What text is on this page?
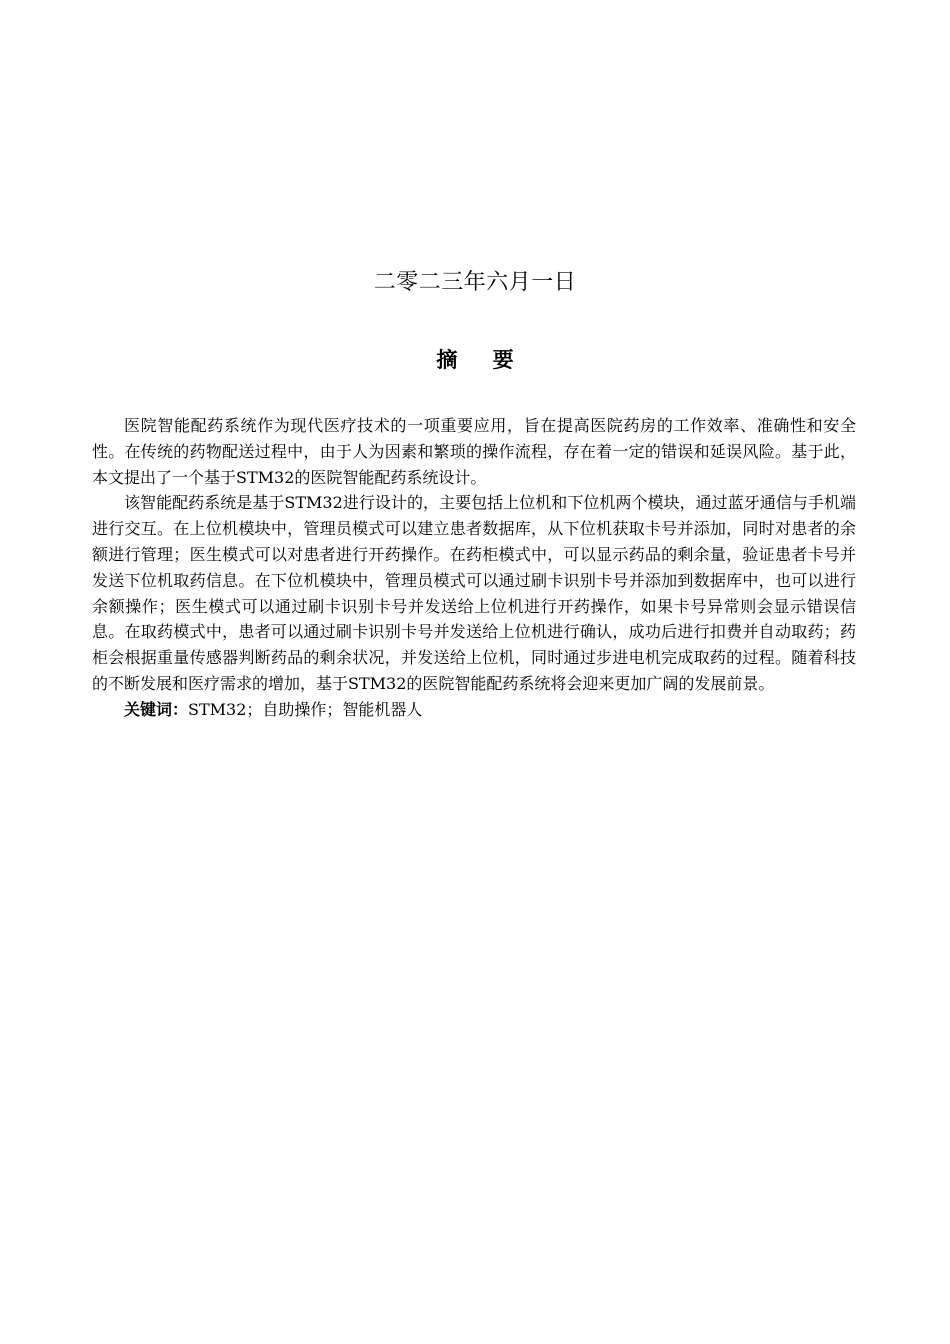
二零二三年六月一日
摘 要

医院智能配药系统作为现代医疗技术的一项重要应用，旨在提高医院药房的工作效率、准确性和安全性。在传统的药物配送过程中，由于人为因素和繁琐的操作流程，存在着一定的错误和延误风险。基于此，本文提出了一个基于STM32的医院智能配药系统设计。

该智能配药系统是基于STM32进行设计的，主要包括上位机和下位机两个模块，通过蓝牙通信与手机端进行交互。在上位机模块中，管理员模式可以建立患者数据库，从下位机获取卡号并添加，同时对患者的余额进行管理；医生模式可以对患者进行开药操作。在药柜模式中，可以显示药品的剩余量，验证患者卡号并发送下位机取药信息。在下位机模块中，管理员模式可以通过刷卡识别卡号并添加到数据库中，也可以进行余额操作；医生模式可以通过刷卡识别卡号并发送给上位机进行开药操作，如果卡号异常则会显示错误信息。在取药模式中，患者可以通过刷卡识别卡号并发送给上位机进行确认，成功后进行扣费并自动取药；药柜会根据重量传感器判断药品的剩余状况，并发送给上位机，同时通过步进电机完成取药的过程。随着科技的不断发展和医疗需求的增加，基于STM32的医院智能配药系统将会迎来更加广阔的发展前景。

关键词：STM32；自助操作；智能机器人
